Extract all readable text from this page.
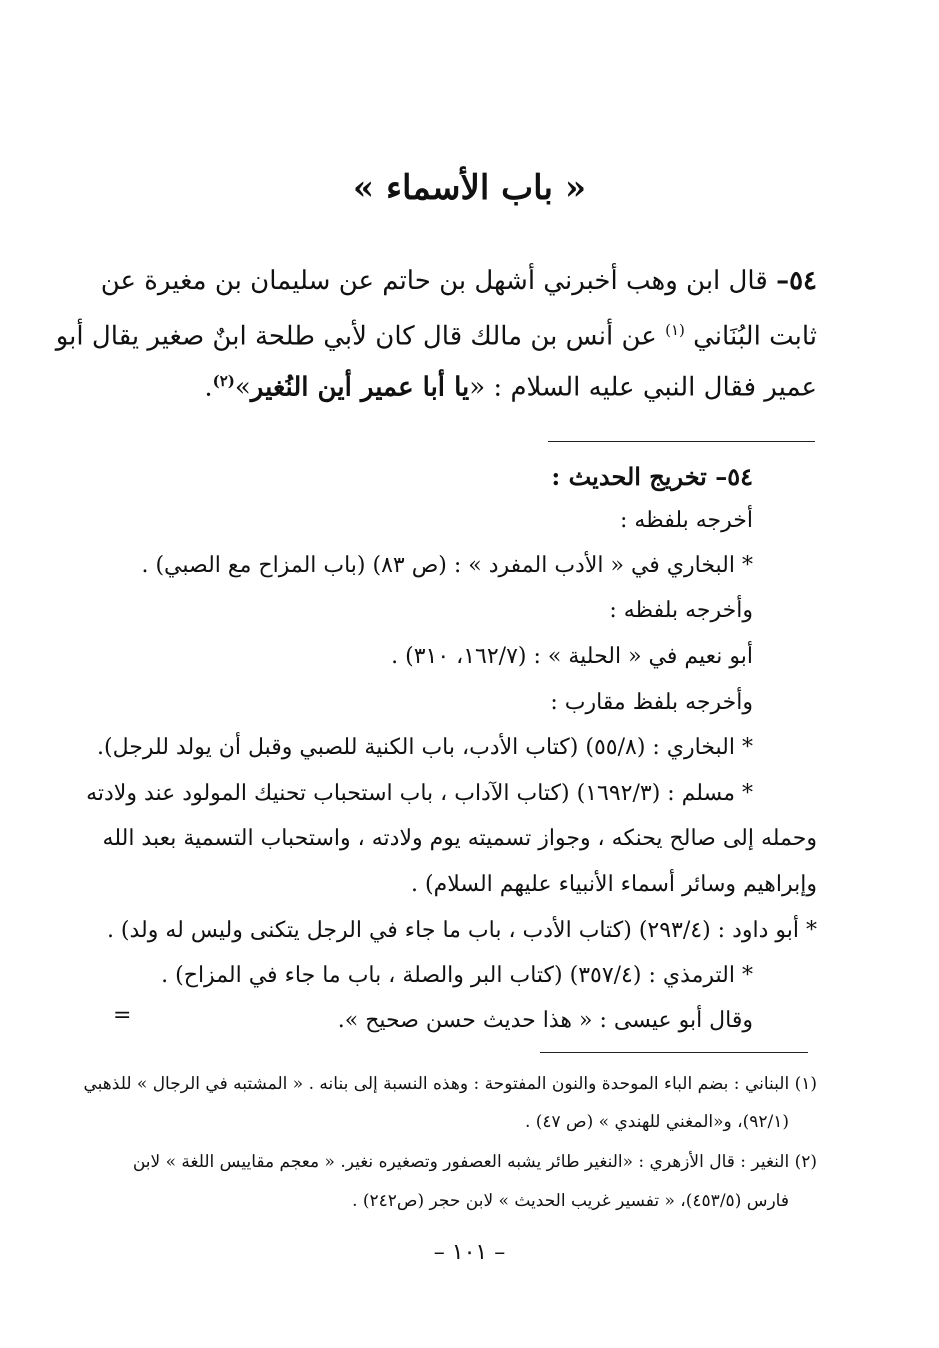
« باب الأسماء »
٥٤– قال ابن وهب أخبرني أشهل بن حاتم عن سليمان بن مغيرة عن
ثابت البُنَاني $^{(١)}$ عن أنس بن مالك قال كان لأبي طلحة ابنٌ صغير يقال أبو
عمير فقال النبي عليه السلام : «يا أبا عمير أين النُغير»$^{(٢)}$.
٥٤– تخريج الحديث :
أخرجه بلفظه :
* البخاري في « الأدب المفرد » : (ص ٨٣) (باب المزاح مع الصبي) .
وأخرجه بلفظه :
أبو نعيم في « الحلية » : (١٦٢/٧، ٣١٠) .
وأخرجه بلفظ مقارب :
* البخاري : (٥٥/٨) (كتاب الأدب، باب الكنية للصبي وقبل أن يولد للرجل).
* مسلم : (١٦٩٢/٣) (كتاب الآداب ، باب استحباب تحنيك المولود عند ولادته
وحمله إلى صالح يحنكه ، وجواز تسميته يوم ولادته ، واستحباب التسمية بعبد الله
وإبراهيم وسائر أسماء الأنبياء عليهم السلام) .
* أبو داود : (٢٩٣/٤) (كتاب الأدب ، باب ما جاء في الرجل يتكنى وليس له ولد) .
* الترمذي : (٣٥٧/٤) (كتاب البر والصلة ، باب ما جاء في المزاح) .
وقال أبو عيسى : « هذا حديث حسن صحيح ».
=
(١) البناني : بضم الباء الموحدة والنون المفتوحة : وهذه النسبة إلى بنانه . « المشتبه في الرجال » للذهبي
(٩٢/١)، و«المغني للهندي » (ص ٤٧) .
(٢) النغير : قال الأزهري : «النغير طائر يشبه العصفور وتصغيره نغير. « معجم مقاييس اللغة » لابن
فارس (٤٥٣/٥)، « تفسير غريب الحديث » لابن حجر (ص٢٤٢) .
– ١٠١ –
